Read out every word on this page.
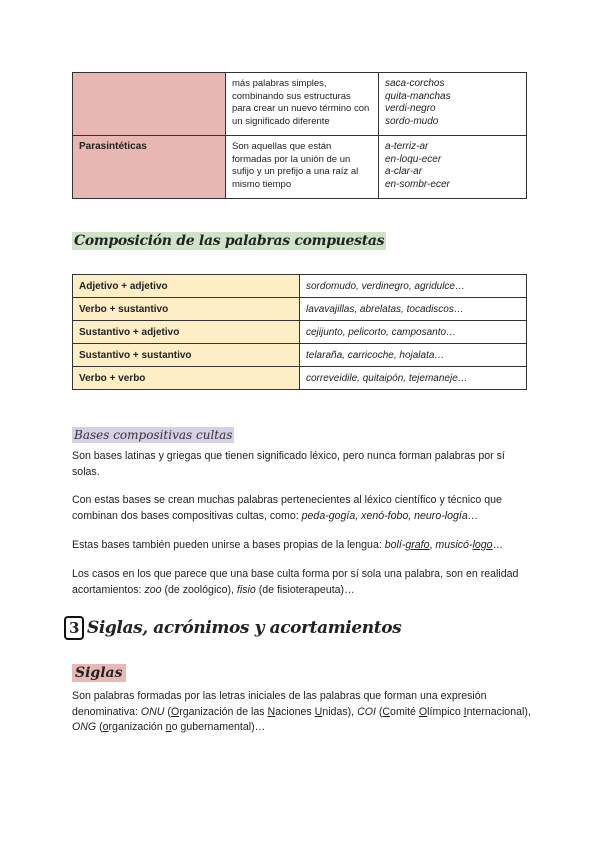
	más palabras simples, combinando sus estructuras para crear un nuevo término con un significado diferente	saca-corchos
quita-manchas
verdi-negro
sordo-mudo

Parasintéticas	Son aquellas que están formadas por la unión de un sufijo y un prefijo a una raíz al mismo tiempo	a-terriz-ar
en-loqu-ecer
a-clar-ar
en-sombr-ecer
Composición de las palabras compuestas
Adjetivo + adjetivo	sordomudo, verdinegro, agridulce…
Verbo + sustantivo	lavavajillas, abrelatas, tocadiscos…
Sustantivo + adjetivo	cejijunto, pelicorto, camposanto…
Sustantivo + sustantivo	telaraña, carricoche, hojalata…
Verbo + verbo	correveidile, quitaipón, tejemaneje…
Bases compositivas cultas
Son bases latinas y griegas que tienen significado léxico, pero nunca forman palabras por sí solas.
Con estas bases se crean muchas palabras pertenecientes al léxico científico y técnico que combinan dos bases compositivas cultas, como: peda-gogía, xenó-fobo, neuro-logía…
Estas bases también pueden unirse a bases propias de la lengua: bolí-grafo, musicó-logo…
Los casos en los que parece que una base culta forma por sí sola una palabra, son en realidad acortamientos: zoo (de zoológico), fisio (de fisioterapeuta)…
3 Siglas, acrónimos y acortamientos
Siglas
Son palabras formadas por las letras iniciales de las palabras que forman una expresión denominativa: ONU (Organización de las Naciones Unidas), COI (Comité Olímpico Internacional), ONG (organización no gubernamental)…
